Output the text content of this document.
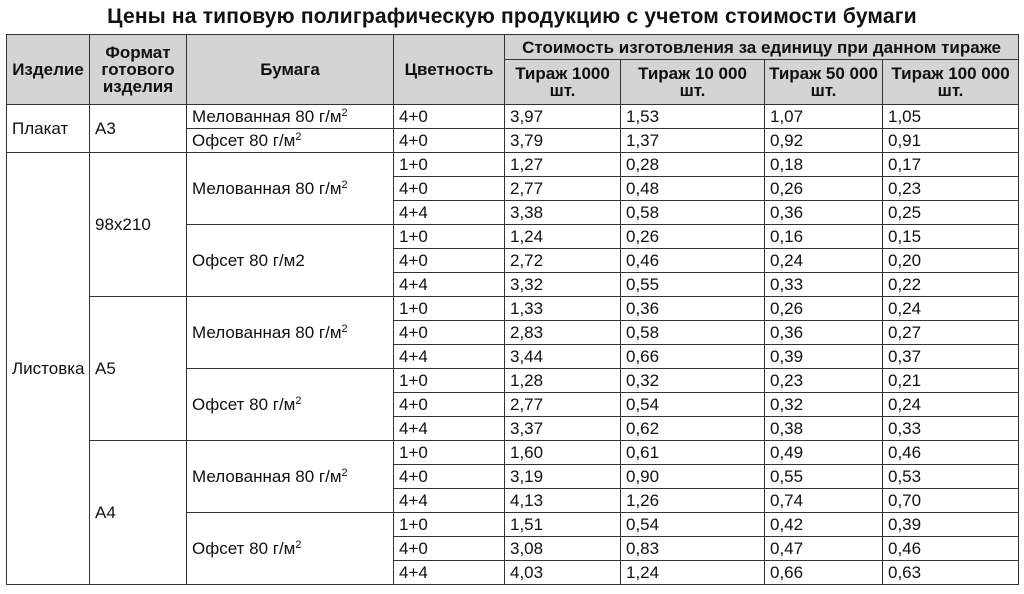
Цены на типовую полиграфическую продукцию с учетом стоимости бумаги
Изделие	Формат готового изделия	Бумага	Цветность	Стоимость изготовления за единицу при данном тираже			
				Тираж 1000 шт.	Тираж 10 000 шт.	Тираж 50 000 шт.	Тираж 100 000 шт.
Плакат	А3	Мелованная 80 $г/м^2$	4+0	3,97	1,53	1,07	1,05
		Офсет 80 $г/м^2$	4+0	3,79	1,37	0,92	0,91
Листовка	98х210	Мелованная 80 $г/м^2$	1+0	1,27	0,28	0,18	0,17
			4+0	2,77	0,48	0,26	0,23
			4+4	3,38	0,58	0,36	0,25
		Офсет 80 г/м2	1+0	1,24	0,26	0,16	0,15
			4+0	2,72	0,46	0,24	0,20
			4+4	3,32	0,55	0,33	0,22
	А5	Мелованная 80 $г/м^2$	1+0	1,33	0,36	0,26	0,24
			4+0	2,83	0,58	0,36	0,27
			4+4	3,44	0,66	0,39	0,37
		Офсет 80 $г/м^2$	1+0	1,28	0,32	0,23	0,21
			4+0	2,77	0,54	0,32	0,24
			4+4	3,37	0,62	0,38	0,33
	А4	Мелованная 80 $г/м^2$	1+0	1,60	0,61	0,49	0,46
			4+0	3,19	0,90	0,55	0,53
			4+4	4,13	1,26	0,74	0,70
		Офсет 80 $г/м^2$	1+0	1,51	0,54	0,42	0,39
			4+0	3,08	0,83	0,47	0,46
			4+4	4,03	1,24	0,66	0,63
